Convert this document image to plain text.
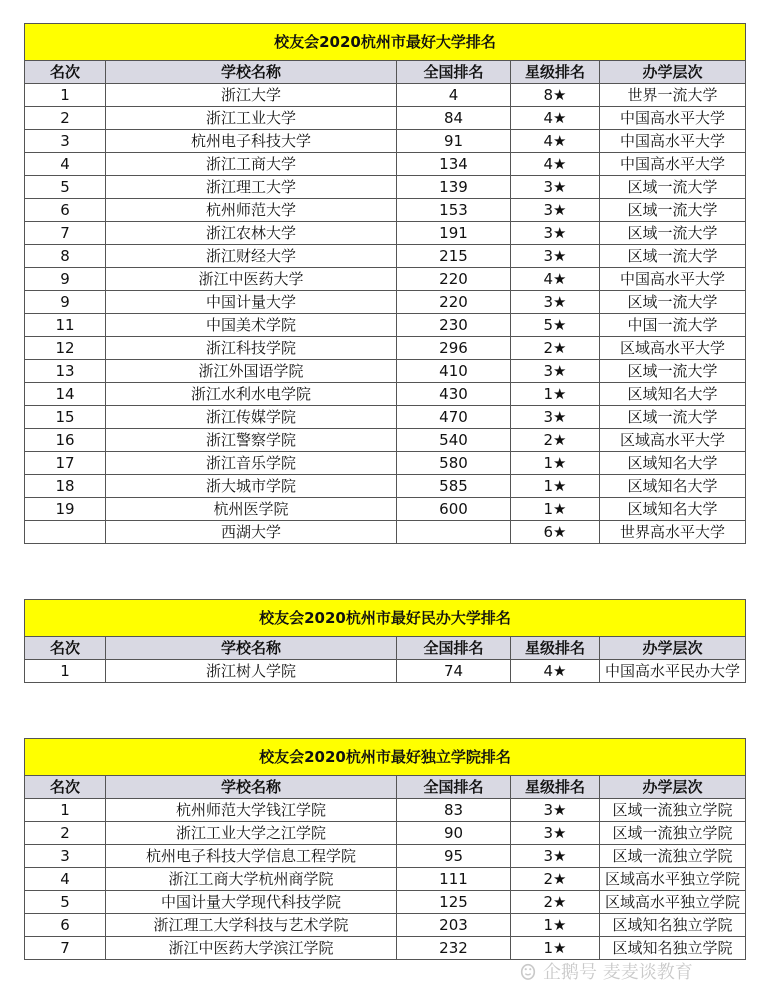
校友会2020杭州市最好大学排名				
名次	学校名称	全国排名	星级排名	办学层次
1	浙江大学	4	8★	世界一流大学
2	浙江工业大学	84	4★	中国高水平大学
3	杭州电子科技大学	91	4★	中国高水平大学
4	浙江工商大学	134	4★	中国高水平大学
5	浙江理工大学	139	3★	区域一流大学
6	杭州师范大学	153	3★	区域一流大学
7	浙江农林大学	191	3★	区域一流大学
8	浙江财经大学	215	3★	区域一流大学
9	浙江中医药大学	220	4★	中国高水平大学
9	中国计量大学	220	3★	区域一流大学
11	中国美术学院	230	5★	中国一流大学
12	浙江科技学院	296	2★	区域高水平大学
13	浙江外国语学院	410	3★	区域一流大学
14	浙江水利水电学院	430	1★	区域知名大学
15	浙江传媒学院	470	3★	区域一流大学
16	浙江警察学院	540	2★	区域高水平大学
17	浙江音乐学院	580	1★	区域知名大学
18	浙大城市学院	585	1★	区域知名大学
19	杭州医学院	600	1★	区域知名大学
	西湖大学		6★	世界高水平大学
校友会2020杭州市最好民办大学排名				
名次	学校名称	全国排名	星级排名	办学层次
1	浙江树人学院	74	4★	中国高水平民办大学
校友会2020杭州市最好独立学院排名				
名次	学校名称	全国排名	星级排名	办学层次
1	杭州师范大学钱江学院	83	3★	区域一流独立学院
2	浙江工业大学之江学院	90	3★	区域一流独立学院
3	杭州电子科技大学信息工程学院	95	3★	区域一流独立学院
4	浙江工商大学杭州商学院	111	2★	区域高水平独立学院
5	中国计量大学现代科技学院	125	2★	区域高水平独立学院
6	浙江理工大学科技与艺术学院	203	1★	区域知名独立学院
7	浙江中医药大学滨江学院	232	1★	区域知名独立学院
企鹅号 麦麦谈教育
